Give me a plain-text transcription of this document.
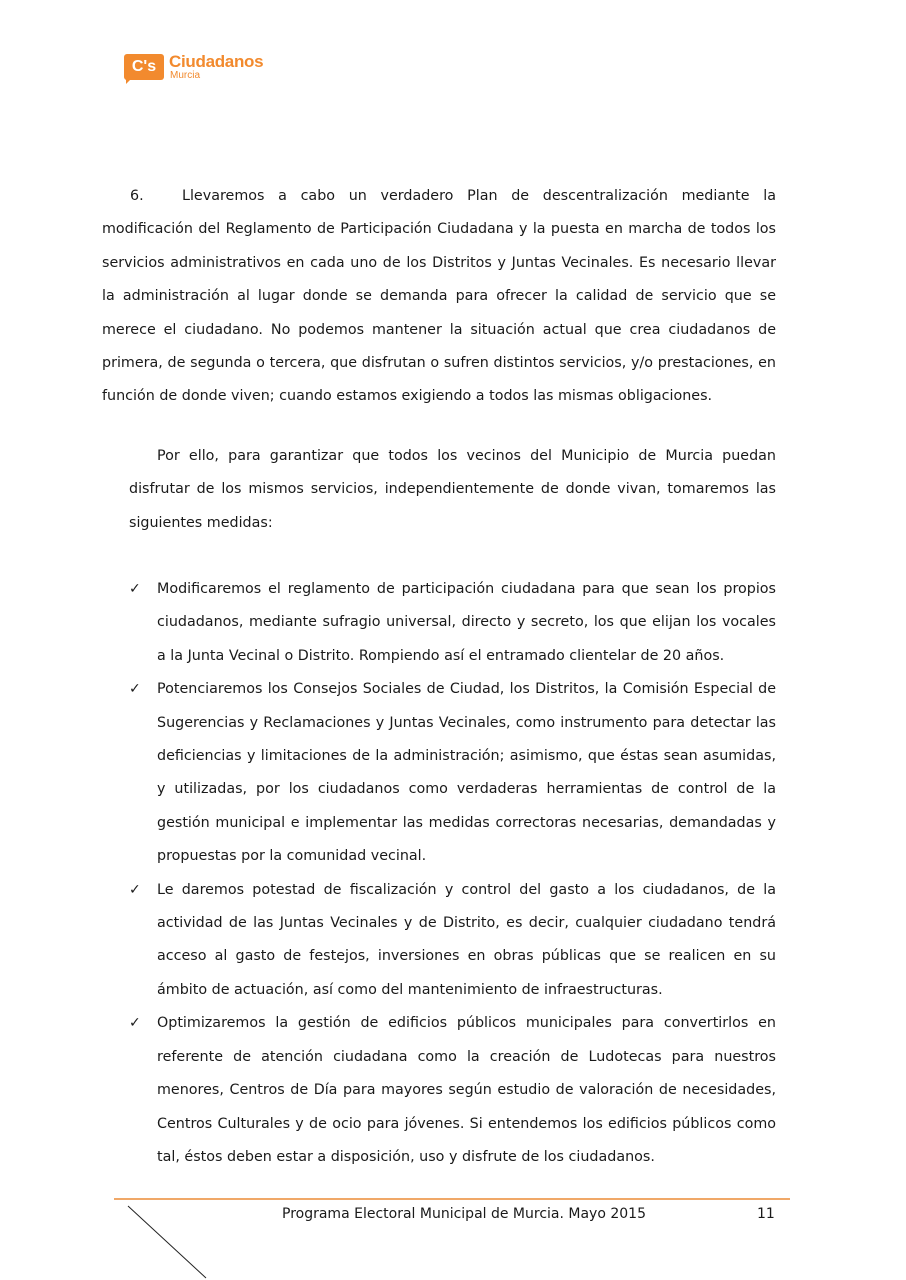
C's Ciudadanos
Murcia
6.	Llevaremos a cabo un verdadero Plan de descentralización mediante la modificación del Reglamento de Participación Ciudadana y la puesta en marcha de todos los servicios administrativos en cada uno de los Distritos y Juntas Vecinales. Es necesario llevar la administración al lugar donde se demanda para ofrecer la calidad de servicio que se merece el ciudadano. No podemos mantener la situación actual que crea ciudadanos de primera, de segunda o tercera, que disfrutan o sufren distintos servicios, y/o prestaciones, en función de donde viven; cuando estamos exigiendo a todos las mismas obligaciones.
Por ello, para garantizar que todos los vecinos del Municipio de Murcia puedan disfrutar de los mismos servicios, independientemente de donde vivan, tomaremos las siguientes medidas:
✓ Modificaremos el reglamento de participación ciudadana para que sean los propios ciudadanos, mediante sufragio universal, directo y secreto, los que elijan los vocales a la Junta Vecinal o Distrito. Rompiendo así el entramado clientelar de 20 años.
✓ Potenciaremos los Consejos Sociales de Ciudad, los Distritos, la Comisión Especial de Sugerencias y Reclamaciones y Juntas Vecinales, como instrumento para detectar las deficiencias y limitaciones de la administración; asimismo, que éstas sean asumidas, y utilizadas, por los ciudadanos como verdaderas herramientas de control de la gestión municipal e implementar las medidas correctoras necesarias, demandadas y propuestas por la comunidad vecinal.
✓ Le daremos potestad de fiscalización y control del gasto a los ciudadanos, de la actividad de las Juntas Vecinales y de Distrito, es decir, cualquier ciudadano tendrá acceso al gasto de festejos, inversiones en obras públicas que se realicen en su ámbito de actuación, así como del mantenimiento de infraestructuras.
✓ Optimizaremos la gestión de edificios públicos municipales para convertirlos en referente de atención ciudadana como la creación de Ludotecas para nuestros menores, Centros de Día para mayores según estudio de valoración de necesidades, Centros Culturales y de ocio para jóvenes. Si entendemos los edificios públicos como tal, éstos deben estar a disposición, uso y disfrute de los ciudadanos.
Programa Electoral Municipal de Murcia. Mayo 2015	11
